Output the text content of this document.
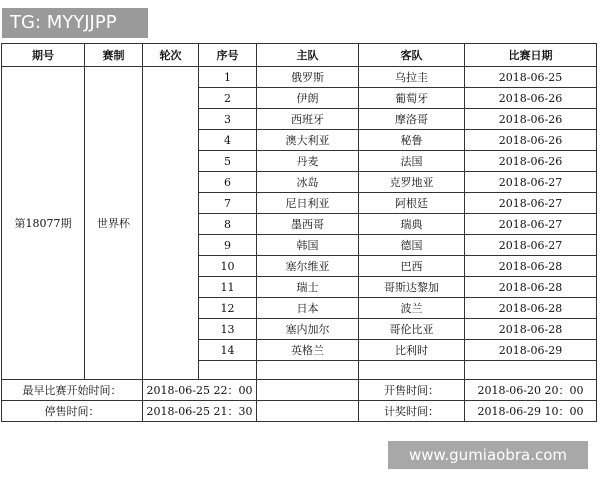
TG: MYYJJPP
期号	赛制	轮次	序号	主队	客队	比赛日期
第18077期	世界杯		1	俄罗斯	乌拉圭	2018-06-25
			2	伊朗	葡萄牙	2018-06-26
			3	西班牙	摩洛哥	2018-06-26
			4	澳大利亚	秘鲁	2018-06-26
			5	丹麦	法国	2018-06-26
			6	冰岛	克罗地亚	2018-06-27
			7	尼日利亚	阿根廷	2018-06-27
			8	墨西哥	瑞典	2018-06-27
			9	韩国	德国	2018-06-27
			10	塞尔维亚	巴西	2018-06-28
			11	瑞士	哥斯达黎加	2018-06-28
			12	日本	波兰	2018-06-28
			13	塞内加尔	哥伦比亚	2018-06-28
			14	英格兰	比利时	2018-06-29

最早比赛开始时间：		2018-06-25 22：00			开售时间：	2018-06-20 20：00
停售时间：		2018-06-25 21：30			计奖时间：	2018-06-29 10：00
www.gumiaobra.com
